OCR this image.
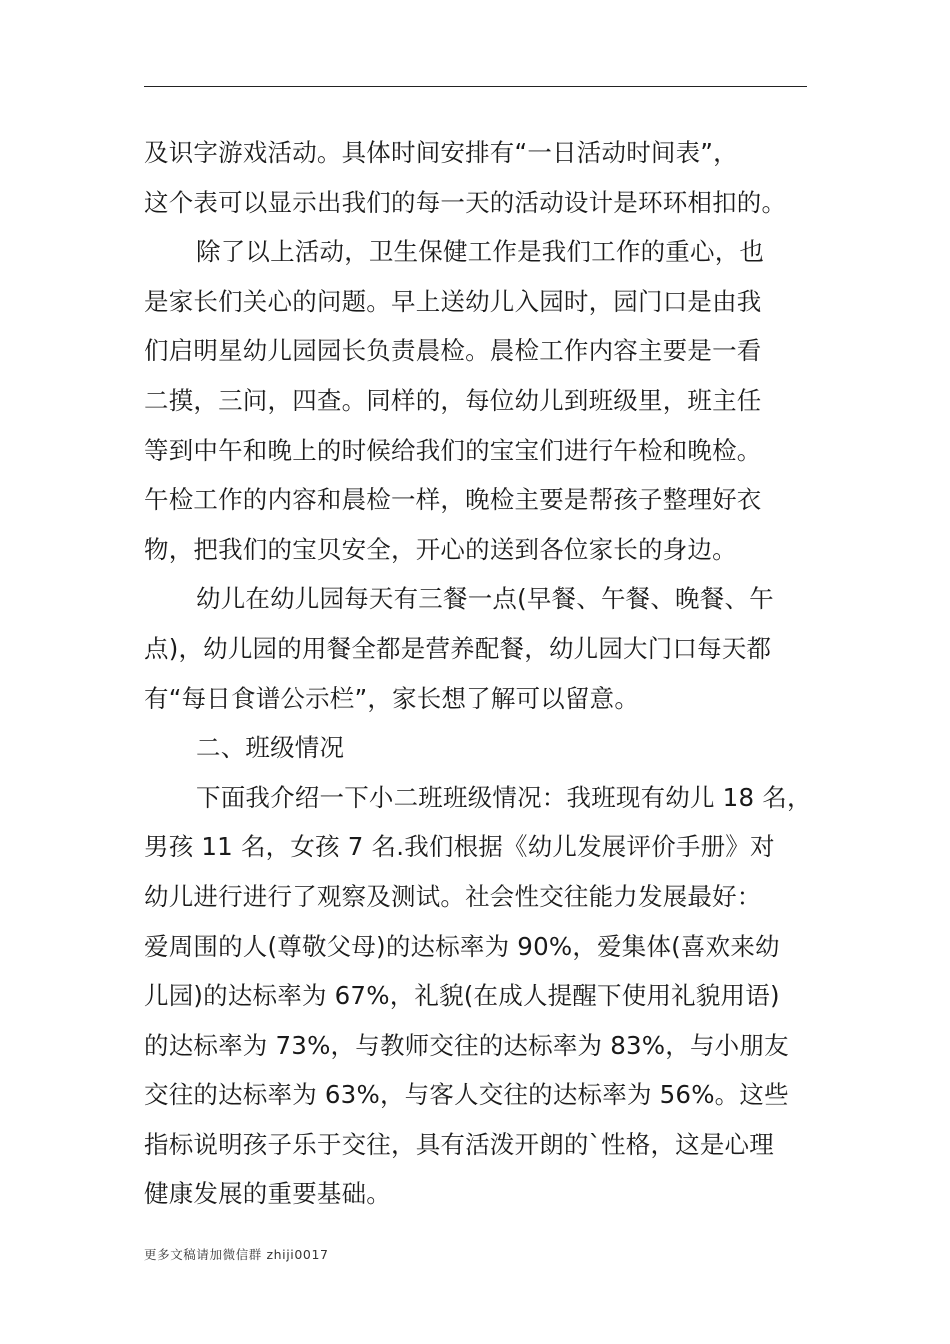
及识字游戏活动。具体时间安排有“一日活动时间表”，
这个表可以显示出我们的每一天的活动设计是环环相扣的。
除了以上活动，卫生保健工作是我们工作的重心，也
是家长们关心的问题。早上送幼儿入园时，园门口是由我
们启明星幼儿园园长负责晨检。晨检工作内容主要是一看
二摸，三问，四查。同样的，每位幼儿到班级里，班主任
等到中午和晚上的时候给我们的宝宝们进行午检和晚检。
午检工作的内容和晨检一样，晚检主要是帮孩子整理好衣
物，把我们的宝贝安全，开心的送到各位家长的身边。
幼儿在幼儿园每天有三餐一点(早餐、午餐、晚餐、午
点)，幼儿园的用餐全都是营养配餐，幼儿园大门口每天都
有“每日食谱公示栏”，家长想了解可以留意。
二、班级情况
下面我介绍一下小二班班级情况：我班现有幼儿 18 名，
男孩 11 名，女孩 7 名.我们根据《幼儿发展评价手册》对
幼儿进行进行了观察及测试。社会性交往能力发展最好：
爱周围的人(尊敬父母)的达标率为 90%，爱集体(喜欢来幼
儿园)的达标率为 67%，礼貌(在成人提醒下使用礼貌用语)
的达标率为 73%，与教师交往的达标率为 83%，与小朋友
交往的达标率为 63%，与客人交往的达标率为 56%。这些
指标说明孩子乐于交往，具有活泼开朗的`性格，这是心理
健康发展的重要基础。
更多文稿请加微信群 zhiji0017
